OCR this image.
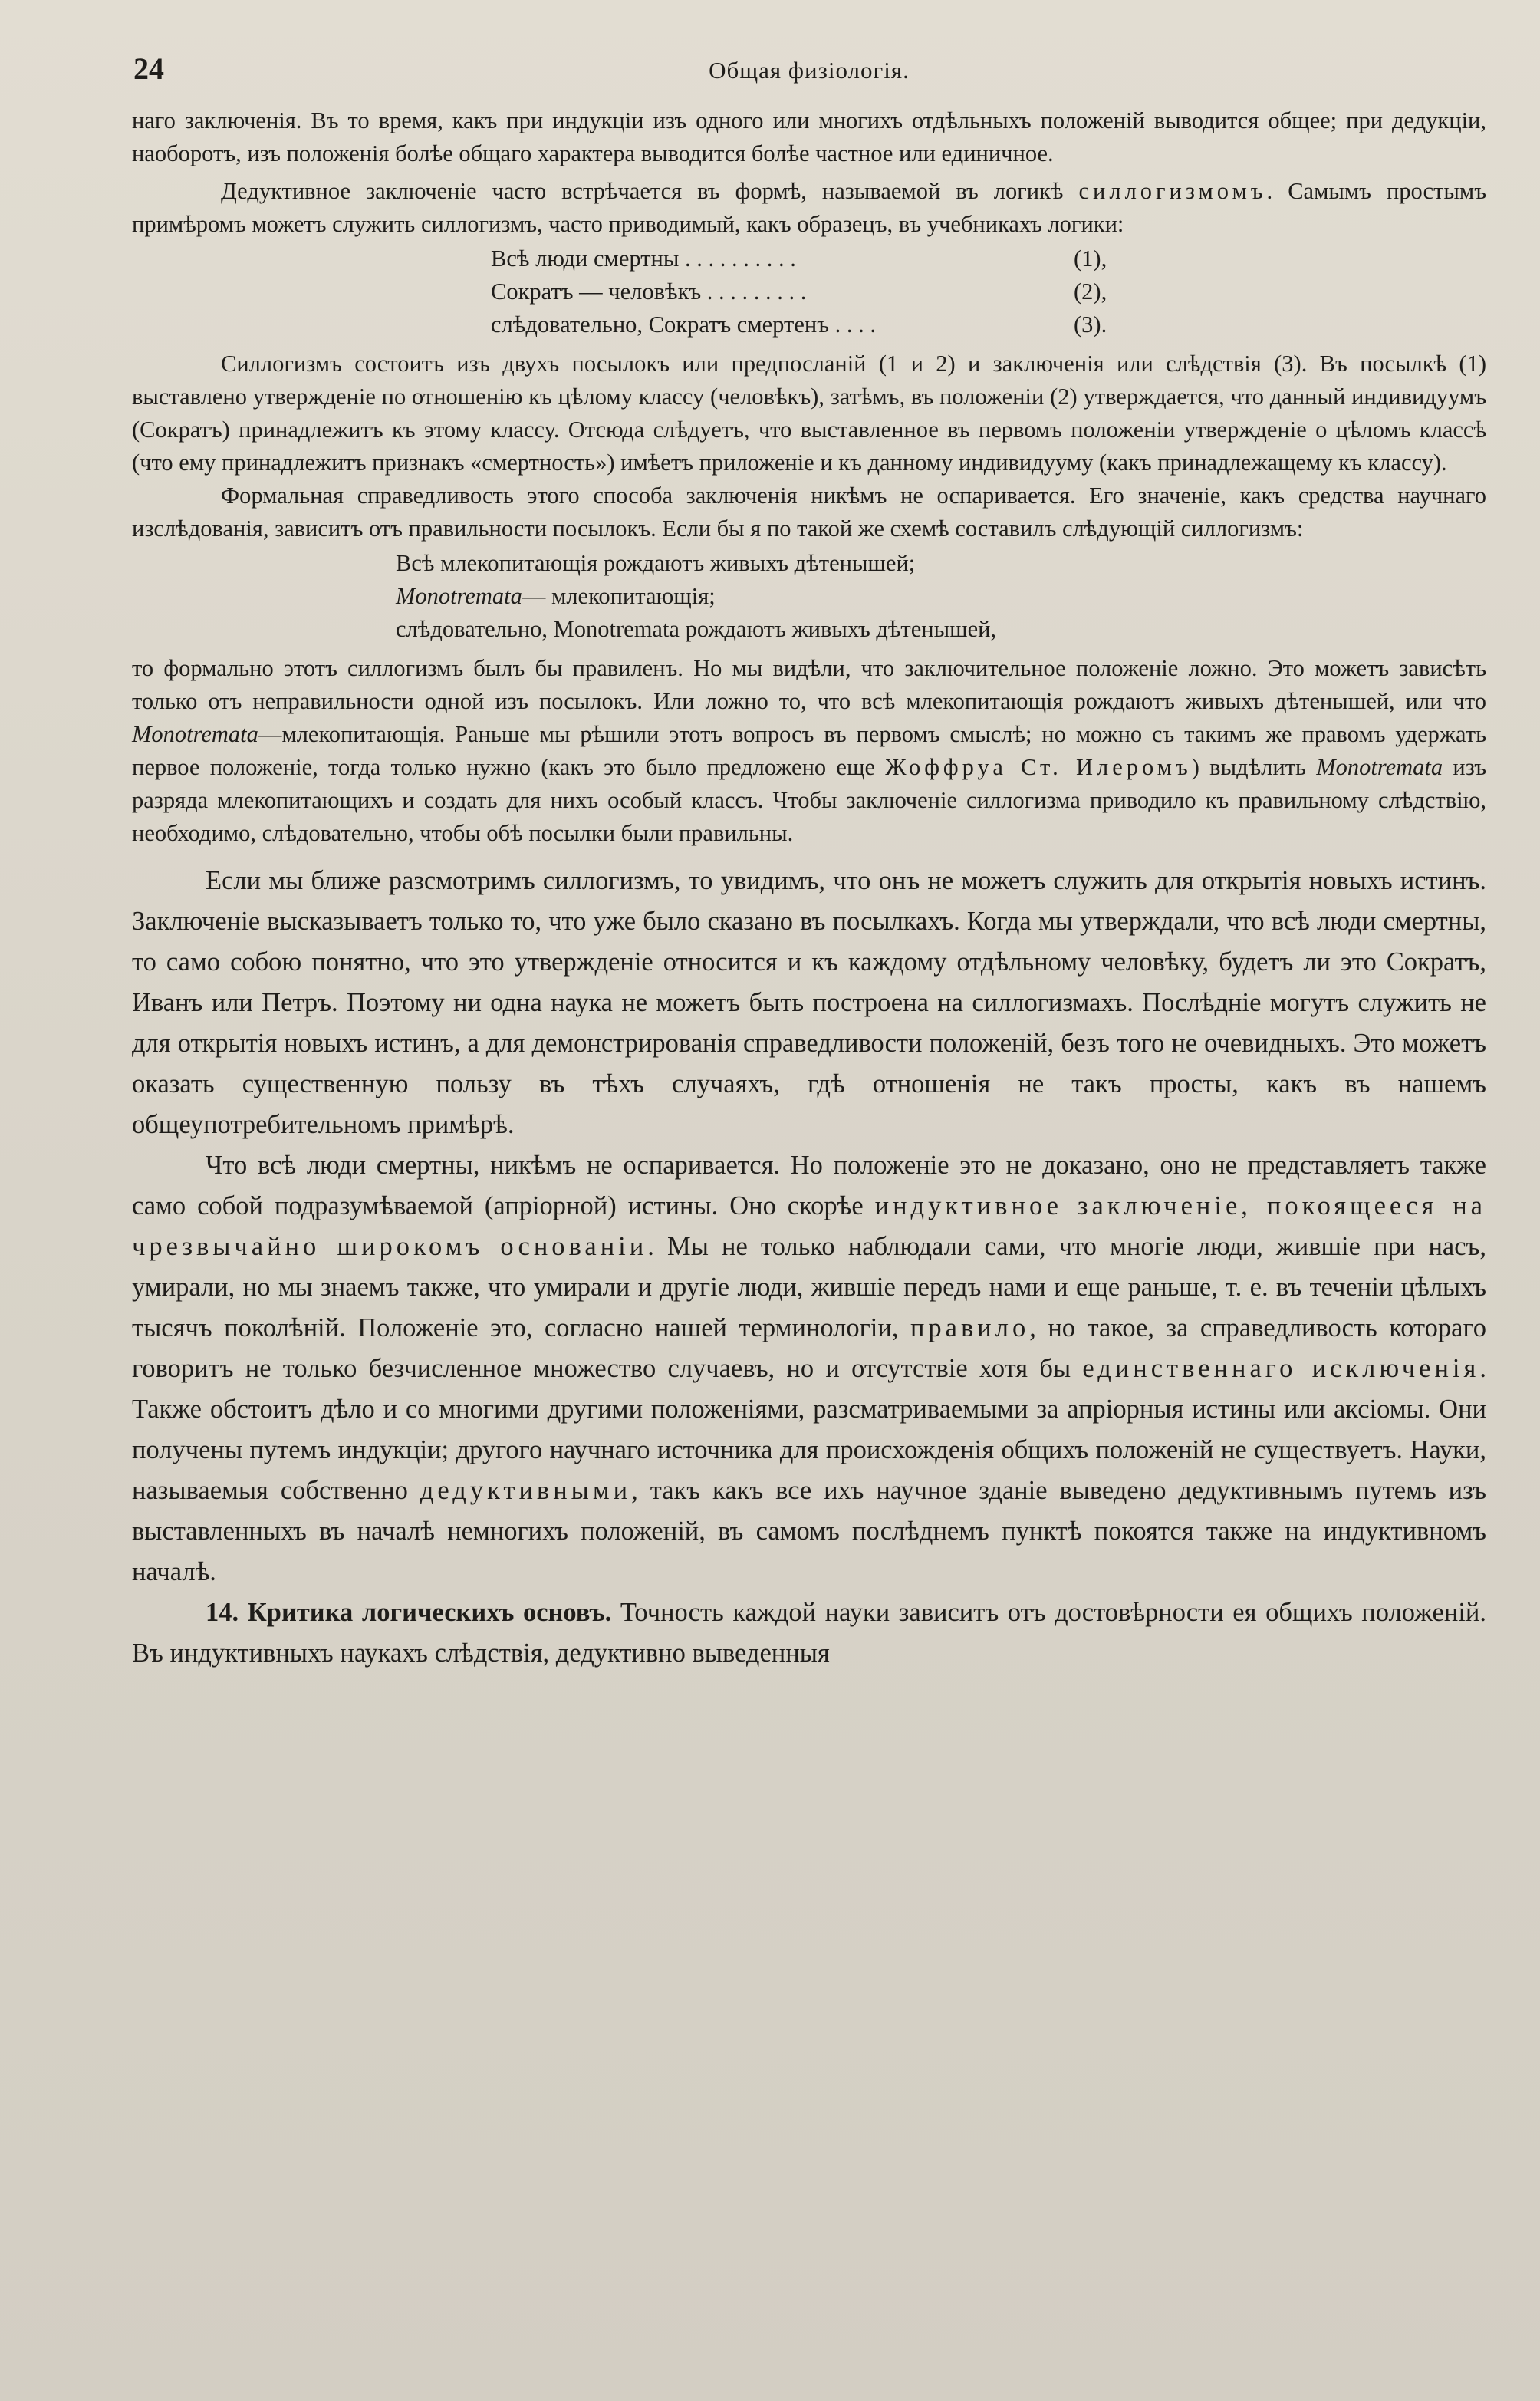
24	Общая физiологiя.

наго заключенiя. Въ то время, какъ при индукцiи изъ одного или многихъ отдѣльныхъ положенiй выводится общее; при дедукцiи, наоборотъ, изъ положенiя болѣе общаго характера выводится болѣе частное или единичное.

Дедуктивное заключенiе часто встрѣчается въ формѣ, называемой въ логикѣ силлогизмомъ. Самымъ простымъ примѣромъ можетъ служить силлогизмъ, часто приводимый, какъ образецъ, въ учебникахъ логики:

Всѣ люди смертны . . . . . . . . . .	(1),
Сократъ — человѣкъ . . . . . . . . .	(2),
слѣдовательно, Сократъ смертенъ . . . .	(3).

Силлогизмъ состоитъ изъ двухъ посылокъ или предпосланiй (1 и 2) и заключенiя или слѣдствiя (3). Въ посылкѣ (1) выставлено утвержденiе по отношенiю къ цѣлому классу (человѣкъ), затѣмъ, въ положенiи (2) утверждается, что данный индивидуумъ (Сократъ) принадлежитъ къ этому классу. Отсюда слѣдуетъ, что выставленное въ первомъ положенiи утвержденiе о цѣломъ классѣ (что ему принадлежитъ признакъ «смертность») имѣетъ приложенiе и къ данному индивидууму (какъ принадлежащему къ классу).

Формальная справедливость этого способа заключенiя никѣмъ не оспаривается. Его значенiе, какъ средства научнаго изслѣдованiя, зависитъ отъ правильности посылокъ. Если бы я по такой же схемѣ составилъ слѣдующiй силлогизмъ:

Всѣ млекопитающiя рождаютъ живыхъ дѣтенышей;
Monotremata — млекопитающiя;
слѣдовательно, Monotremata рождаютъ живыхъ дѣтенышей,

то формально этотъ силлогизмъ былъ бы правиленъ. Но мы видѣли, что заключительное положенiе ложно. Это можетъ зависѣть только отъ неправильности одной изъ посылокъ. Или ложно то, что всѣ млекопитающiя рождаютъ живыхъ дѣтенышей, или что Monotremata—млекопитающiя. Раньше мы рѣшили этотъ вопросъ въ первомъ смыслѣ; но можно съ такимъ же правомъ удержать первое положенiе, тогда только нужно (какъ это было предложено еще Жоффруа Ст. Илеромъ) выдѣлить Monotremata изъ разряда млекопитающихъ и создать для нихъ особый классъ. Чтобы заключенiе силлогизма приводило къ правильному слѣдствiю, необходимо, слѣдовательно, чтобы обѣ посылки были правильны.

Если мы ближе разсмотримъ силлогизмъ, то увидимъ, что онъ не можетъ служить для открытiя новыхъ истинъ. Заключенiе высказываетъ только то, что уже было сказано въ посылкахъ. Когда мы утверждали, что всѣ люди смертны, то само собою понятно, что это утвержденiе относится и къ каждому отдѣльному человѣку, будетъ ли это Сократъ, Иванъ или Петръ. Поэтому ни одна наука не можетъ быть построена на силлогизмахъ. Послѣднiе могутъ служить не для открытiя новыхъ истинъ, а для демонстрированiя справедливости положенiй, безъ того не очевидныхъ. Это можетъ оказать существенную пользу въ тѣхъ случаяхъ, гдѣ отношенiя не такъ просты, какъ въ нашемъ общеупотребительномъ примѣрѣ.

Что всѣ люди смертны, никѣмъ не оспаривается. Но положенiе это не доказано, оно не представляетъ также само собой подразумѣваемой (апрiорной) истины. Оно скорѣе индуктивное заключенiе, покоящееся на чрезвычайно широкомъ основанiи. Мы не только наблюдали сами, что многiе люди, жившiе при насъ, умирали, но мы знаемъ также, что умирали и другiе люди, жившiе передъ нами и еще раньше, т. е. въ теченiи цѣлыхъ тысячъ поколѣнiй. Положенiе это, согласно нашей терминологiи, правило, но такое, за справедливость котораго говоритъ не только безчисленное множество случаевъ, но и отсутствiе хотя бы единственнаго исключенiя. Также обстоитъ дѣло и со многими другими положенiями, разсматриваемыми за апрiорныя истины или аксiомы. Они получены путемъ индукцiи; другого научнаго источника для происхожденiя общихъ положенiй не существуетъ. Науки, называемыя собственно дедуктивными, такъ какъ все ихъ научное зданiе выведено дедуктивнымъ путемъ изъ выставленныхъ въ началѣ немногихъ положенiй, въ самомъ послѣднемъ пунктѣ покоятся также на индуктивномъ началѣ.

14. Критика логическихъ основъ. Точность каждой науки зависитъ отъ достовѣрности ея общихъ положенiй. Въ индуктивныхъ наукахъ слѣдствiя, дедуктивно выведенныя
